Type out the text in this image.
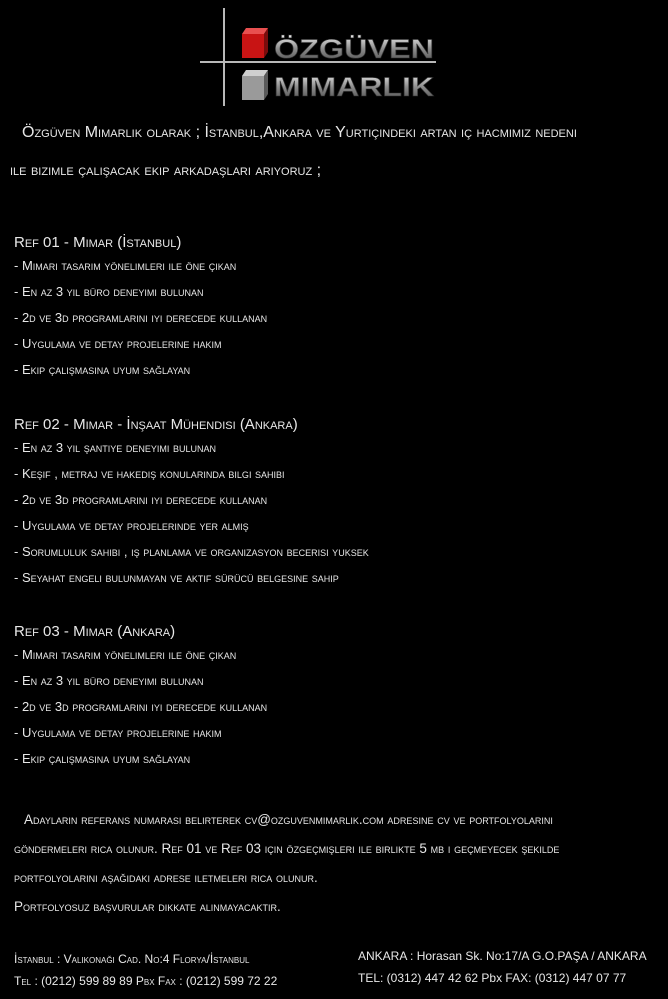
ÖZGÜVEN
MIMARLIK
Özgüven Mimarlık olarak ; İstanbul,Ankara ve Yurtiçindeki artan iç hacmimiz nedeni
ile bizimle çalışacak ekip arkadaşları arıyoruz ;
Ref 01 - Mimar (İstanbul)
- Mimari tasarım yönelimleri ile öne çıkan
- En az 3 yıl büro deneyimi bulunan
- 2d ve 3d programlarını iyi derecede kullanan
- Uygulama ve detay projelerine hakim
- Ekip çalışmasına uyum sağlayan
Ref 02 - Mimar - İnşaat Mühendisi (Ankara)
- En az 3 yıl şantiye deneyimi bulunan
- Keşif , metraj ve hakediş konularında bilgi sahibi
- 2d ve 3d programlarını iyi derecede kullanan
- Uygulama ve detay projelerinde yer almış
- Sorumluluk sahibi , iş planlama ve organizasyon becerisi yuksek
- Seyahat engeli bulunmayan ve aktif sürücü belgesine sahip
Ref 03 - Mimar (Ankara)
- Mimari tasarım yönelimleri ile öne çıkan
- En az 3 yıl büro deneyimi bulunan
- 2d ve 3d programlarını iyi derecede kullanan
- Uygulama ve detay projelerine hakim
- Ekip çalışmasına uyum sağlayan
Adayların referans numarası belirterek cv@ozguvenmimarlik.com adresine cv ve portfolyolarını
göndermeleri rica olunur. Ref 01 ve Ref 03 için özgeçmişleri ile birlikte 5 mb ı geçmeyecek şekilde
portfolyolarını aşağıdaki adrese iletmeleri rica olunur.
Portfolyosuz başvurular dikkate alınmayacaktır.
İstanbul : Valikonağı Cad. No:4 Florya/İstanbul
Tel : (0212) 599 89 89 Pbx Fax : (0212) 599 72 22
ANKARA : Horasan Sk. No:17/A G.O.PAŞA / ANKARA
TEL: (0312) 447 42 62 Pbx FAX: (0312) 447 07 77
